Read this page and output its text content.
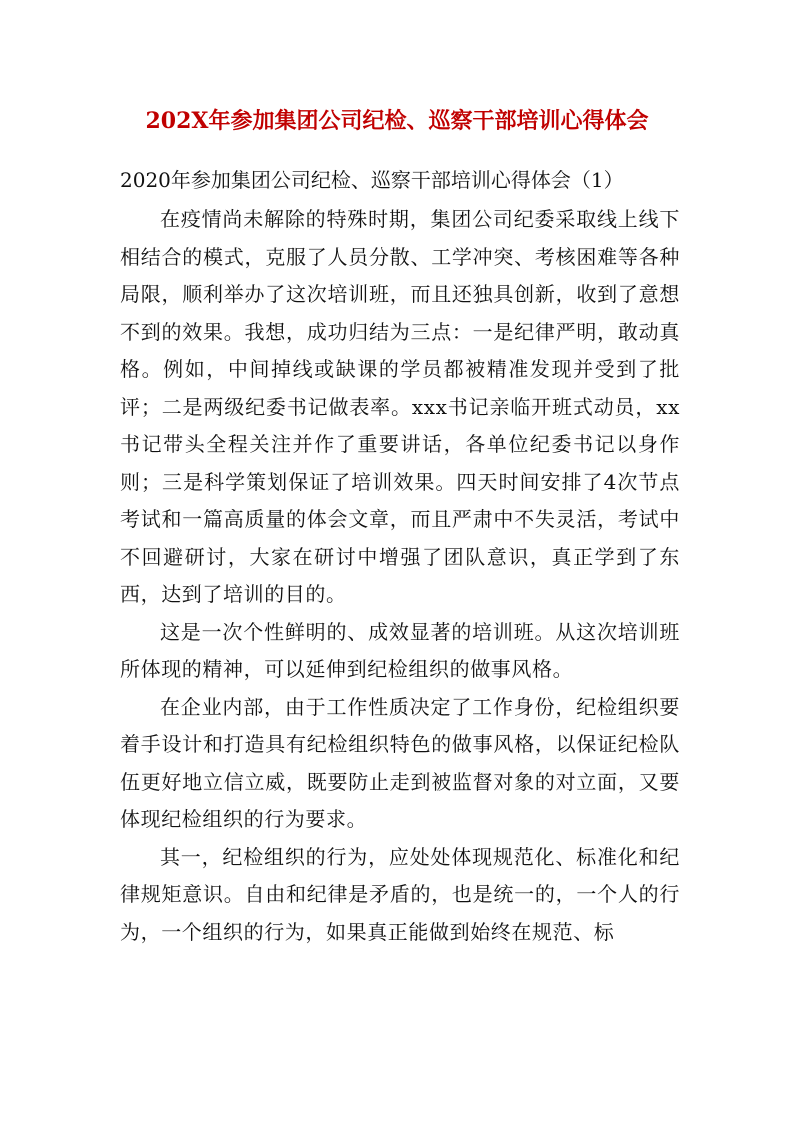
202X年参加集团公司纪检、巡察干部培训心得体会
2020年参加集团公司纪检、巡察干部培训心得体会（1）

在疫情尚未解除的特殊时期，集团公司纪委采取线上线下相结合的模式，克服了人员分散、工学冲突、考核困难等各种局限，顺利举办了这次培训班，而且还独具创新，收到了意想不到的效果。我想，成功归结为三点：一是纪律严明，敢动真格。例如，中间掉线或缺课的学员都被精准发现并受到了批评；二是两级纪委书记做表率。xxx书记亲临开班式动员，xx书记带头全程关注并作了重要讲话，各单位纪委书记以身作则；三是科学策划保证了培训效果。四天时间安排了4次节点考试和一篇高质量的体会文章，而且严肃中不失灵活，考试中不回避研讨，大家在研讨中增强了团队意识，真正学到了东西，达到了培训的目的。

这是一次个性鲜明的、成效显著的培训班。从这次培训班所体现的精神，可以延伸到纪检组织的做事风格。

在企业内部，由于工作性质决定了工作身份，纪检组织要着手设计和打造具有纪检组织特色的做事风格，以保证纪检队伍更好地立信立威，既要防止走到被监督对象的对立面，又要体现纪检组织的行为要求。

其一，纪检组织的行为，应处处体现规范化、标准化和纪律规矩意识。自由和纪律是矛盾的，也是统一的，一个人的行为，一个组织的行为，如果真正能做到始终在规范、标
